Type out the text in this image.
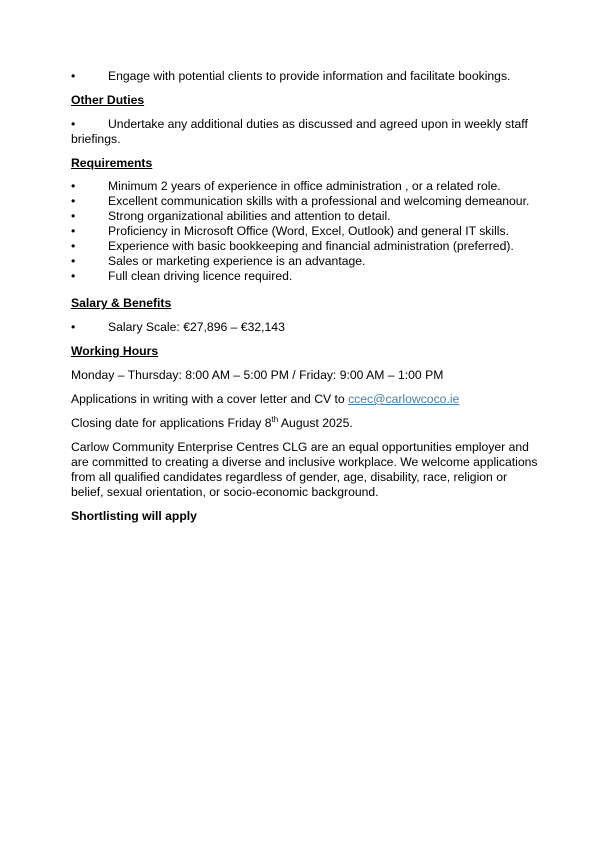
•	Engage with potential clients to provide information and facilitate bookings.
Other Duties
•	Undertake any additional duties as discussed and agreed upon in weekly staff briefings.
Requirements
•	Minimum 2 years of experience in office administration , or a related role.
•	Excellent communication skills with a professional and welcoming demeanour.
•	Strong organizational abilities and attention to detail.
•	Proficiency in Microsoft Office (Word, Excel, Outlook) and general IT skills.
•	Experience with basic bookkeeping and financial administration (preferred).
•	Sales or marketing experience is an advantage.
•	Full clean driving licence required.
Salary & Benefits
•	Salary Scale: €27,896 – €32,143
Working Hours
Monday – Thursday: 8:00 AM – 5:00 PM / Friday: 9:00 AM – 1:00 PM
Applications in writing with a cover letter and CV to ccec@carlowcoco.ie
Closing date for applications Friday 8th August 2025.
Carlow Community Enterprise Centres CLG are an equal opportunities employer and are committed to creating a diverse and inclusive workplace. We welcome applications from all qualified candidates regardless of gender, age, disability, race, religion or belief, sexual orientation, or socio-economic background.
Shortlisting will apply
